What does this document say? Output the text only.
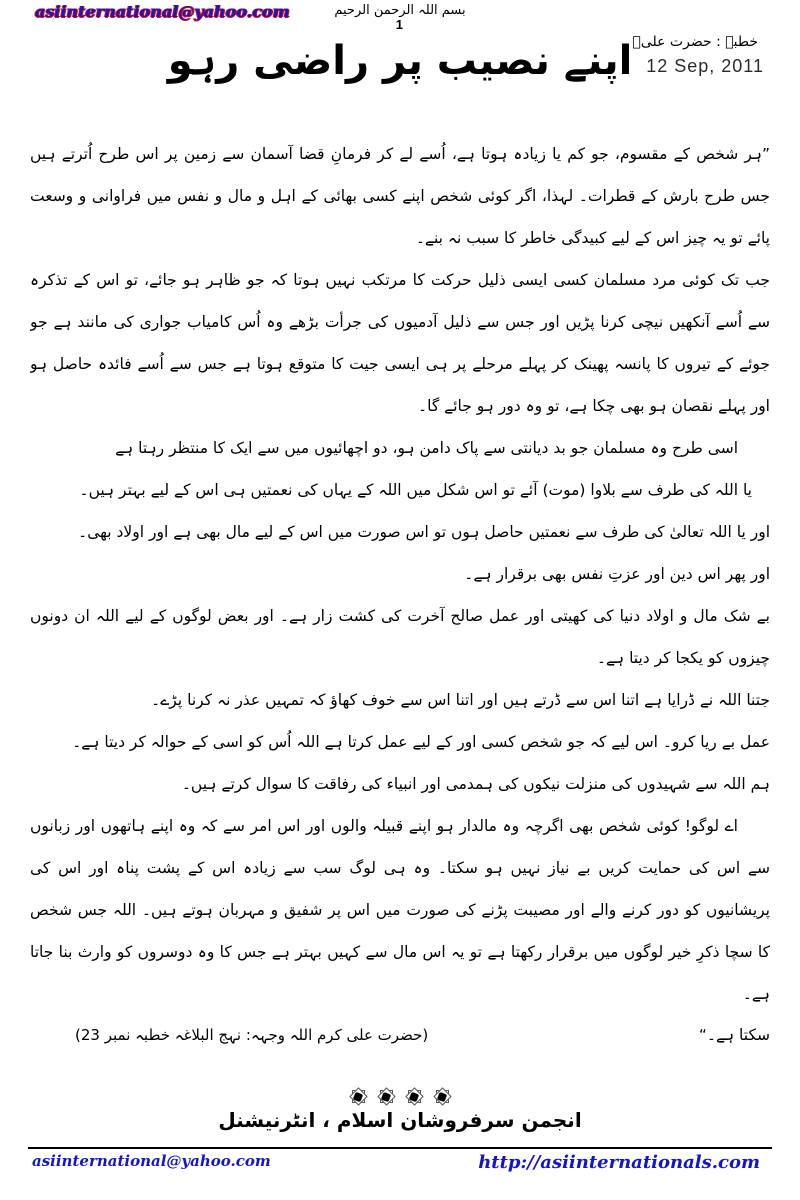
asiinternational@yahoo.com	بسم اللہ الرحمن الرحیم
1
خطبہ : حضرت علیؑ
12 Sep, 2011
اپنے نصیب پر راضی رہو

”ہر شخص کے مقسوم، جو کم یا زیادہ ہوتا ہے، اُسے لے کر فرمانِ قضا آسمان سے زمین پر اس طرح اُترتے ہیں جس طرح بارش کے قطرات۔ لہذا، اگر کوئی شخص اپنے کسی بھائی کے اہل و مال و نفس میں فراوانی و وسعت پائے تو یہ چیز اس کے لیے کبیدگی خاطر کا سبب نہ بنے۔

جب تک کوئی مرد مسلمان کسی ایسی ذلیل حرکت کا مرتکب نہیں ہوتا کہ جو ظاہر ہو جائے، تو اس کے تذکرہ سے اُسے آنکھیں نیچی کرنا پڑیں اور جس سے ذلیل آدمیوں کی جرأت بڑھے وہ اُس کامیاب جواری کی مانند ہے جو جوئے کے تیروں کا پانسہ پھینک کر پہلے مرحلے پر ہی ایسی جیت کا متوقع ہوتا ہے جس سے اُسے فائدہ حاصل ہو اور پہلے نقصان ہو بھی چکا ہے، تو وہ دور ہو جائے گا۔

اسی طرح وہ مسلمان جو بد دیانتی سے پاک دامن ہو، دو اچھائیوں میں سے ایک کا منتظر رہتا ہے

یا اللہ کی طرف سے بلاوا (موت) آئے تو اس شکل میں اللہ کے یہاں کی نعمتیں ہی اس کے لیے بہتر ہیں۔

اور یا اللہ تعالیٰ کی طرف سے نعمتیں حاصل ہوں تو اس صورت میں اس کے لیے مال بھی ہے اور اولاد بھی۔

اور پھر اس دین اور عزتِ نفس بھی برقرار ہے۔

بے شک مال و اولاد دنیا کی کھیتی اور عمل صالح آخرت کی کشت زار ہے۔ اور بعض لوگوں کے لیے اللہ ان دونوں چیزوں کو یکجا کر دیتا ہے۔

جتنا اللہ نے ڈرایا ہے اتنا اس سے ڈرتے ہیں اور اتنا اس سے خوف کھاؤ کہ تمہیں عذر نہ کرنا پڑے۔

عمل بے ریا کرو۔ اس لیے کہ جو شخص کسی اور کے لیے عمل کرتا ہے اللہ اُس کو اسی کے حوالہ کر دیتا ہے۔

ہم اللہ سے شہیدوں کی منزلت نیکوں کی ہمدمی اور انبیاء کی رفاقت کا سوال کرتے ہیں۔

اے لوگو! کوئی شخص بھی اگرچہ وہ مالدار ہو اپنے قبیلہ والوں اور اس امر سے کہ وہ اپنے ہاتھوں اور زبانوں سے اس کی حمایت کریں بے نیاز نہیں ہو سکتا۔ وہ ہی لوگ سب سے زیادہ اس کے پشت پناہ اور اس کی پریشانیوں کو دور کرنے والے اور مصیبت پڑنے کی صورت میں اس پر شفیق و مہربان ہوتے ہیں۔ اللہ جس شخص کا سچا ذکرِ خیر لوگوں میں برقرار رکھتا ہے تو یہ اس مال سے کہیں بہتر ہے جس کا وہ دوسروں کو وارث بنا جاتا ہے۔

سکتا ہے۔“
(حضرت علی کرم اللہ وجہہ: نہج البلاغہ خطبہ نمبر 23)
انجمن سرفروشان اسلام ، انٹرنیشنل
asiinternational@yahoo.com	http://asiinternationals.com
